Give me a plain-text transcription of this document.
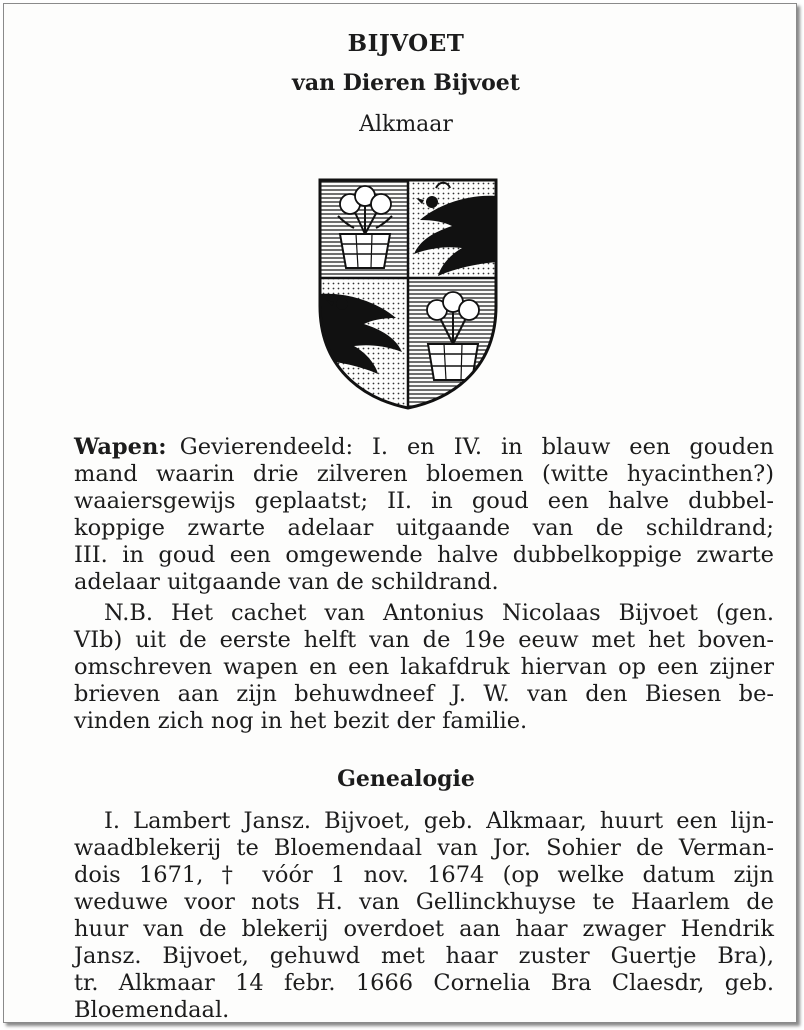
BIJVOET
van Dieren Bijvoet
Alkmaar
Wapen:
Gevierendeeld: I. en IV. in blauw een gouden
mand waarin drie zilveren bloemen (witte hyacinthen?)
waaiersgewijs geplaatst; II. in goud een halve dubbel-
koppige zwarte adelaar uitgaande van de schildrand;
III. in goud een omgewende halve dubbelkoppige zwarte
adelaar uitgaande van de schildrand.
N.B. Het cachet van Antonius Nicolaas Bijvoet (gen.
VIb) uit de eerste helft van de 19e eeuw met het boven-
omschreven wapen en een lakafdruk hiervan op een zijner
brieven aan zijn behuwdneef J. W. van den Biesen be-
vinden zich nog in het bezit der familie.
Genealogie
I. Lambert Jansz. Bijvoet, geb. Alkmaar, huurt een lijn-
waadblekerij te Bloemendaal van Jor. Sohier de Verman-
dois 1671, † vóór 1 nov. 1674 (op welke datum zijn
weduwe voor nots H. van Gellinckhuyse te Haarlem de
huur van de blekerij overdoet aan haar zwager Hendrik
Jansz. Bijvoet, gehuwd met haar zuster Guertje Bra),
tr. Alkmaar 14 febr. 1666 Cornelia Bra Claesdr, geb.
Bloemendaal.
